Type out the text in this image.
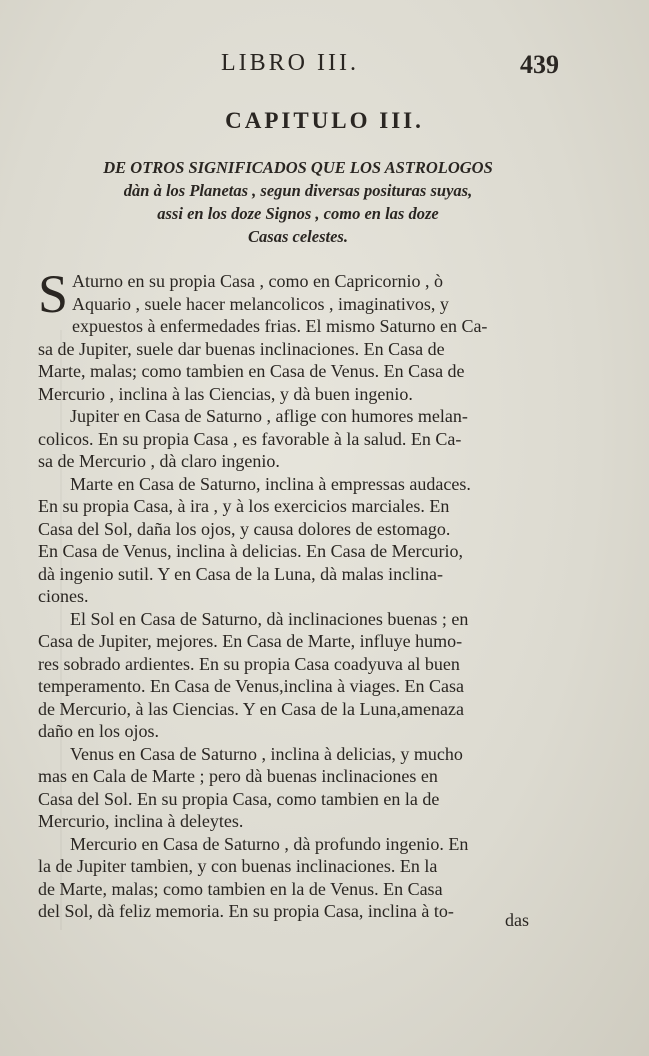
LIBRO III.	439
CAPITULO III.
DE OTROS SIGNIFICADOS QUE LOS ASTROLOGOS
dàn à los Planetas , segun diversas posituras suyas,
assi en los doze Signos , como en las doze
Casas celestes.

S Aturno en su propia Casa , como en Capricornio , ò
Aquario , suele hacer melancolicos , imaginativos, y
expuestos à enfermedades frias. El mismo Saturno en Ca-
sa de Jupiter, suele dar buenas inclinaciones. En Casa de
Marte, malas; como tambien en Casa de Venus. En Casa de
Mercurio , inclina à las Ciencias, y dà buen ingenio.

Jupiter en Casa de Saturno , aflige con humores melan-
colicos. En su propia Casa , es favorable à la salud. En Ca-
sa de Mercurio , dà claro ingenio.

Marte en Casa de Saturno, inclina à empressas audaces.
En su propia Casa, à ira , y à los exercicios marciales. En
Casa del Sol, daña los ojos, y causa dolores de estomago.
En Casa de Venus, inclina à delicias. En Casa de Mercurio,
dà ingenio sutil. Y en Casa de la Luna, dà malas inclina-
ciones.

El Sol en Casa de Saturno, dà inclinaciones buenas ; en
Casa de Jupiter, mejores. En Casa de Marte, influye humo-
res sobrado ardientes. En su propia Casa coadyuva al buen
temperamento. En Casa de Venus,inclina à viages. En Casa
de Mercurio, à las Ciencias. Y en Casa de la Luna,amenaza
daño en los ojos.

Venus en Casa de Saturno , inclina à delicias, y mucho
mas en Cala de Marte ; pero dà buenas inclinaciones en
Casa del Sol. En su propia Casa, como tambien en la de
Mercurio, inclina à deleytes.

Mercurio en Casa de Saturno , dà profundo ingenio. En
la de Jupiter tambien, y con buenas inclinaciones. En la
de Marte, malas; como tambien en la de Venus. En Casa
del Sol, dà feliz memoria. En su propia Casa, inclina à to-	das
